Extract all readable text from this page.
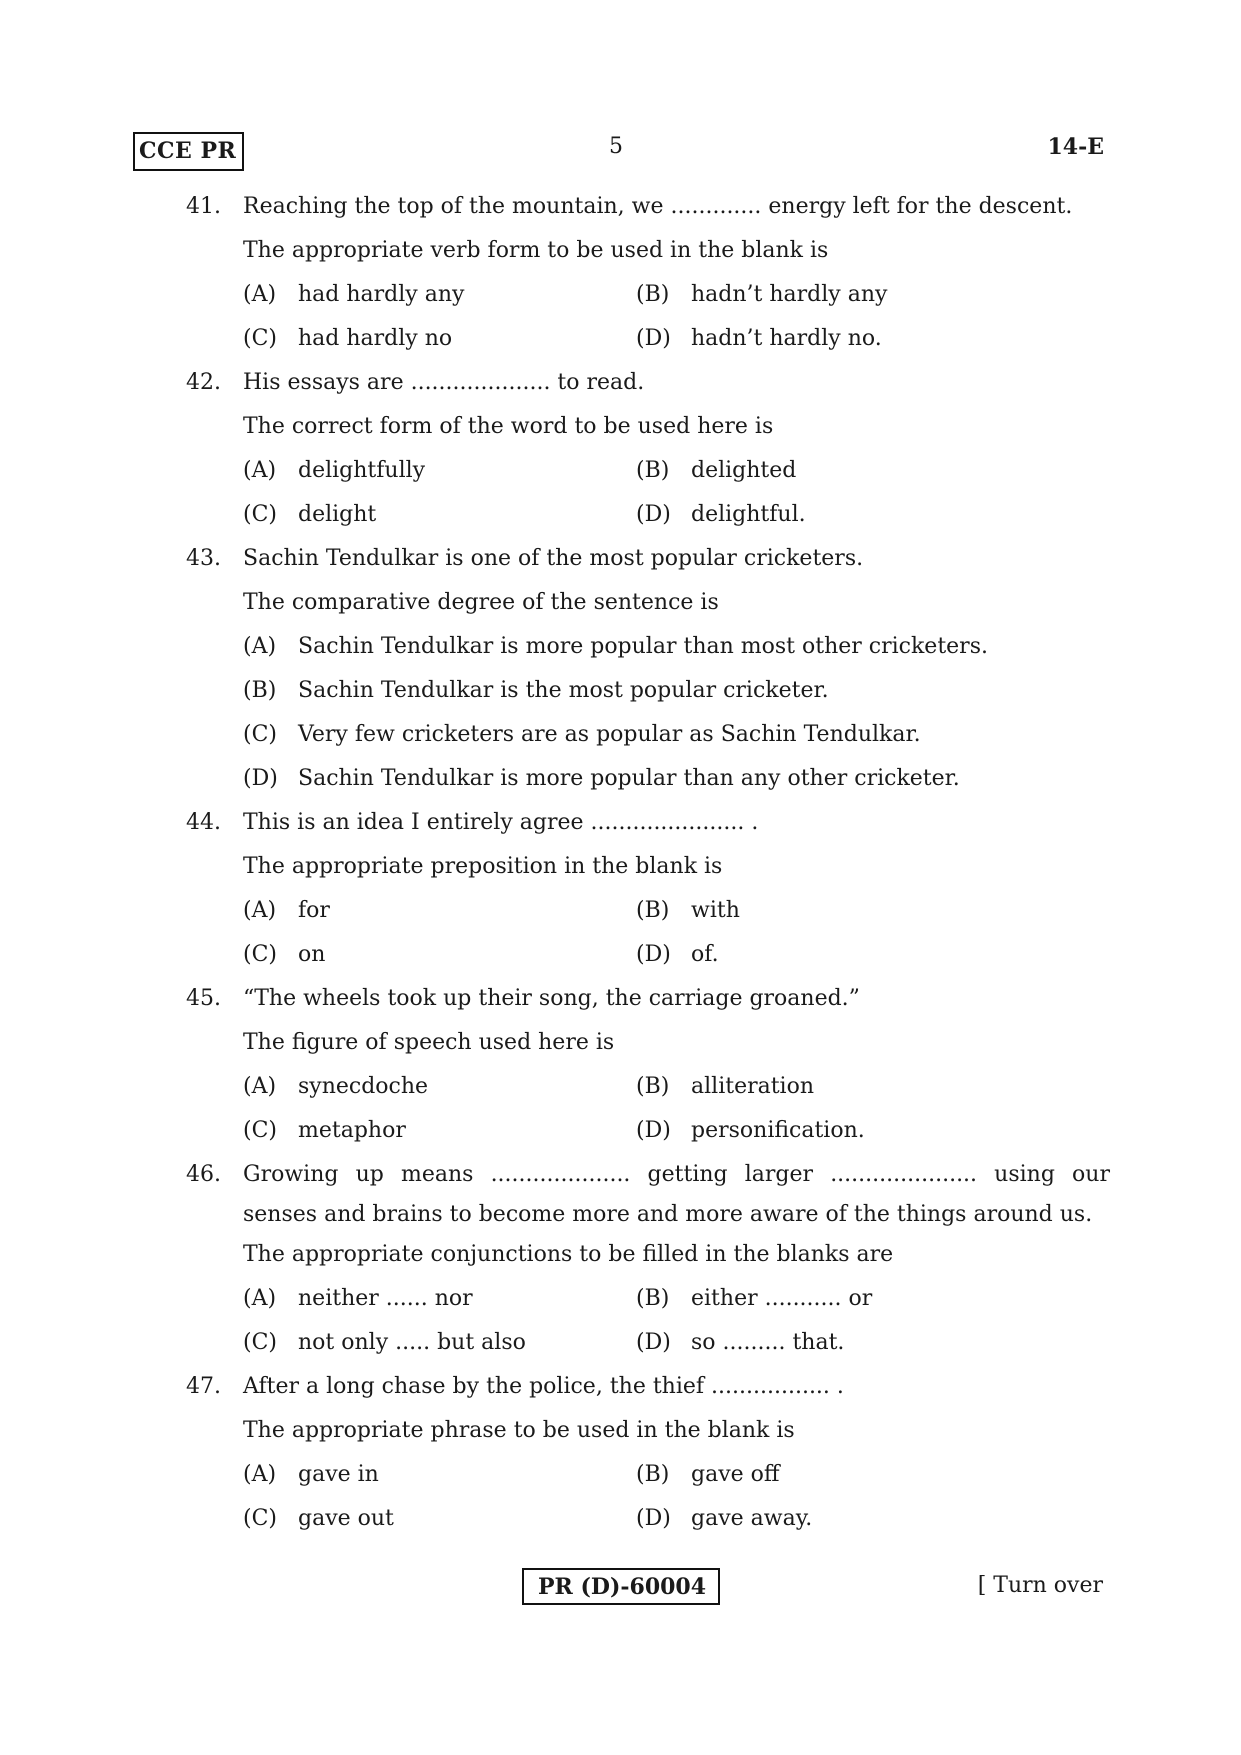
CCE PR	5	14-E
41.	Reaching the top of the mountain, we ............. energy left for the descent.
The appropriate verb form to be used in the blank is
(A) had hardly any	(B) hadn’t hardly any
(C) had hardly no	(D) hadn’t hardly no.
42.	His essays are .................... to read.
The correct form of the word to be used here is
(A) delightfully	(B) delighted
(C) delight	(D) delightful.
43.	Sachin Tendulkar is one of the most popular cricketers.
The comparative degree of the sentence is
(A) Sachin Tendulkar is more popular than most other cricketers.
(B) Sachin Tendulkar is the most popular cricketer.
(C) Very few cricketers are as popular as Sachin Tendulkar.
(D) Sachin Tendulkar is more popular than any other cricketer.
44.	This is an idea I entirely agree ...................... .
The appropriate preposition in the blank is
(A) for	(B) with
(C) on	(D) of.
45.	“The wheels took up their song, the carriage groaned.”
The figure of speech used here is
(A) synecdoche	(B) alliteration
(C) metaphor	(D) personification.
46.	Growing up means .................... getting larger ..................... using our
senses and brains to become more and more aware of the things around us.
The appropriate conjunctions to be filled in the blanks are
(A) neither ...... nor	(B) either ........... or
(C) not only ..... but also	(D) so ......... that.
47.	After a long chase by the police, the thief ................. .
The appropriate phrase to be used in the blank is
(A) gave in	(B) gave off
(C) gave out	(D) gave away.
PR (D)-60004	[ Turn over
